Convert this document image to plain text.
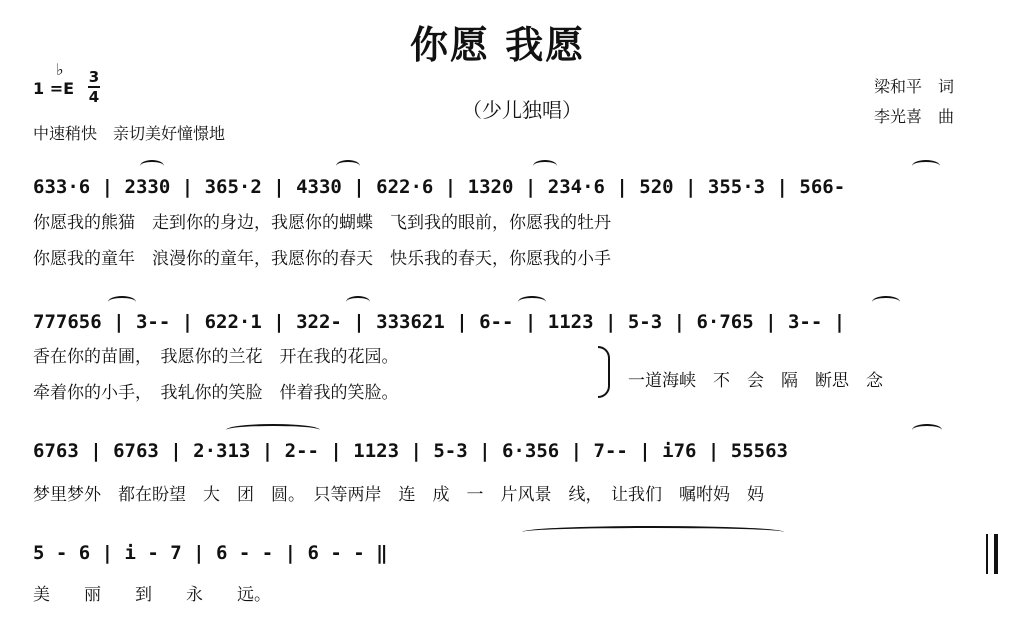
你愿 我愿
（少儿独唱）
梁和平　词
李光喜　曲
♭
1 =E
3
4
中速稍快　亲切美好憧憬地
633·6 | 2330 | 365·2 | 4330 | 622·6 | 1320 | 234·6 | 520 | 355·3 | 566-
你愿我的熊猫　走到你的身边，我愿你的蝴蝶　飞到我的眼前，你愿我的牡丹
你愿我的童年　浪漫你的童年，我愿你的春天　快乐我的春天，你愿我的小手
777656 | 3-- | 622·1 | 322- | 333621 | 6-- | 1123 | 5-3 | 6·765 | 3-- |
香在你的苗圃，　我愿你的兰花　开在我的花园。
牵着你的小手，　我轧你的笑脸　伴着我的笑脸。
一道海峡　不　会　隔　断思　念
6763 | 6763 | 2·313 | 2-- | 1123 | 5-3 | 6·356 | 7-- | i76 | 55563
梦里梦外　都在盼望　大　团　圆。　只等两岸　连　成　一　片风景　线，　让我们　嘱咐妈　妈
5 - 6 | i - 7 | 6 - - | 6 - - ‖
美　　丽　　到　　永　　远。
